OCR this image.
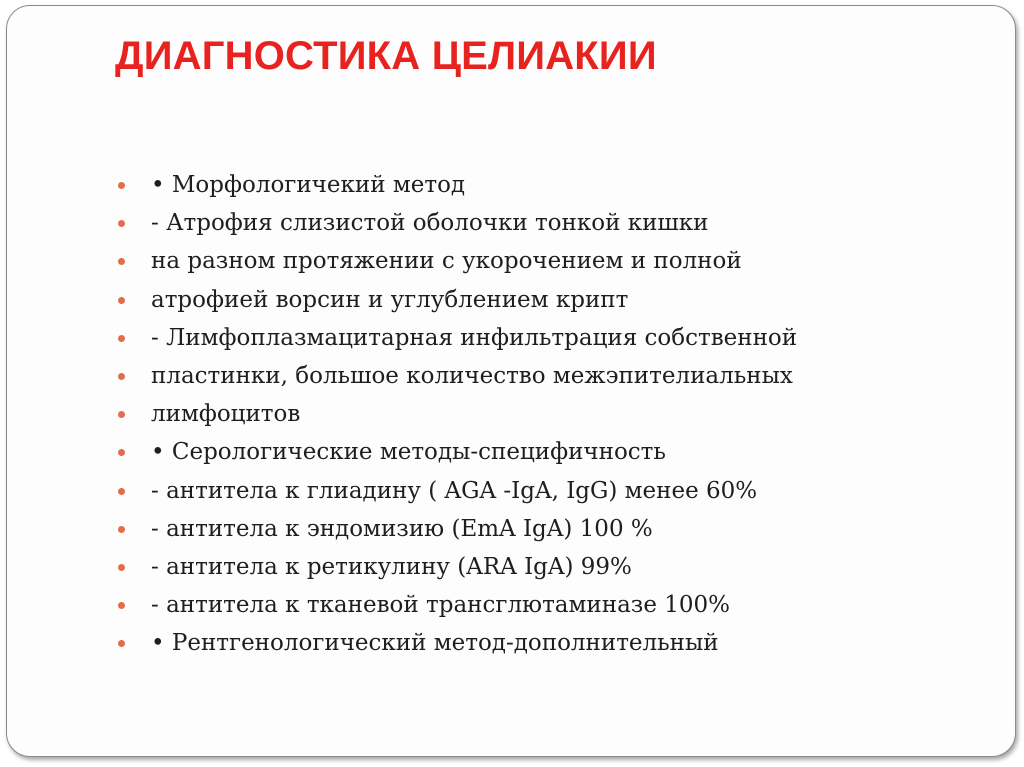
ДИАГНОСТИКА ЦЕЛИАКИИ
• Морфологичекий метод
- Атрофия слизистой оболочки тонкой кишки
на разном протяжении с укорочением и полной
атрофией ворсин и углублением крипт
- Лимфоплазмацитарная инфильтрация собственной
пластинки, большое количество межэпителиальных
лимфоцитов
• Серологические методы-специфичность
- антитела к глиадину ( AGA -IgA, IgG) менее 60%
- антитела к эндомизию (EmA IgA) 100 %
- антитела к ретикулину (ARA IgA) 99%
- антитела к тканевой трансглютаминазе 100%
• Рентгенологический метод-дополнительный
